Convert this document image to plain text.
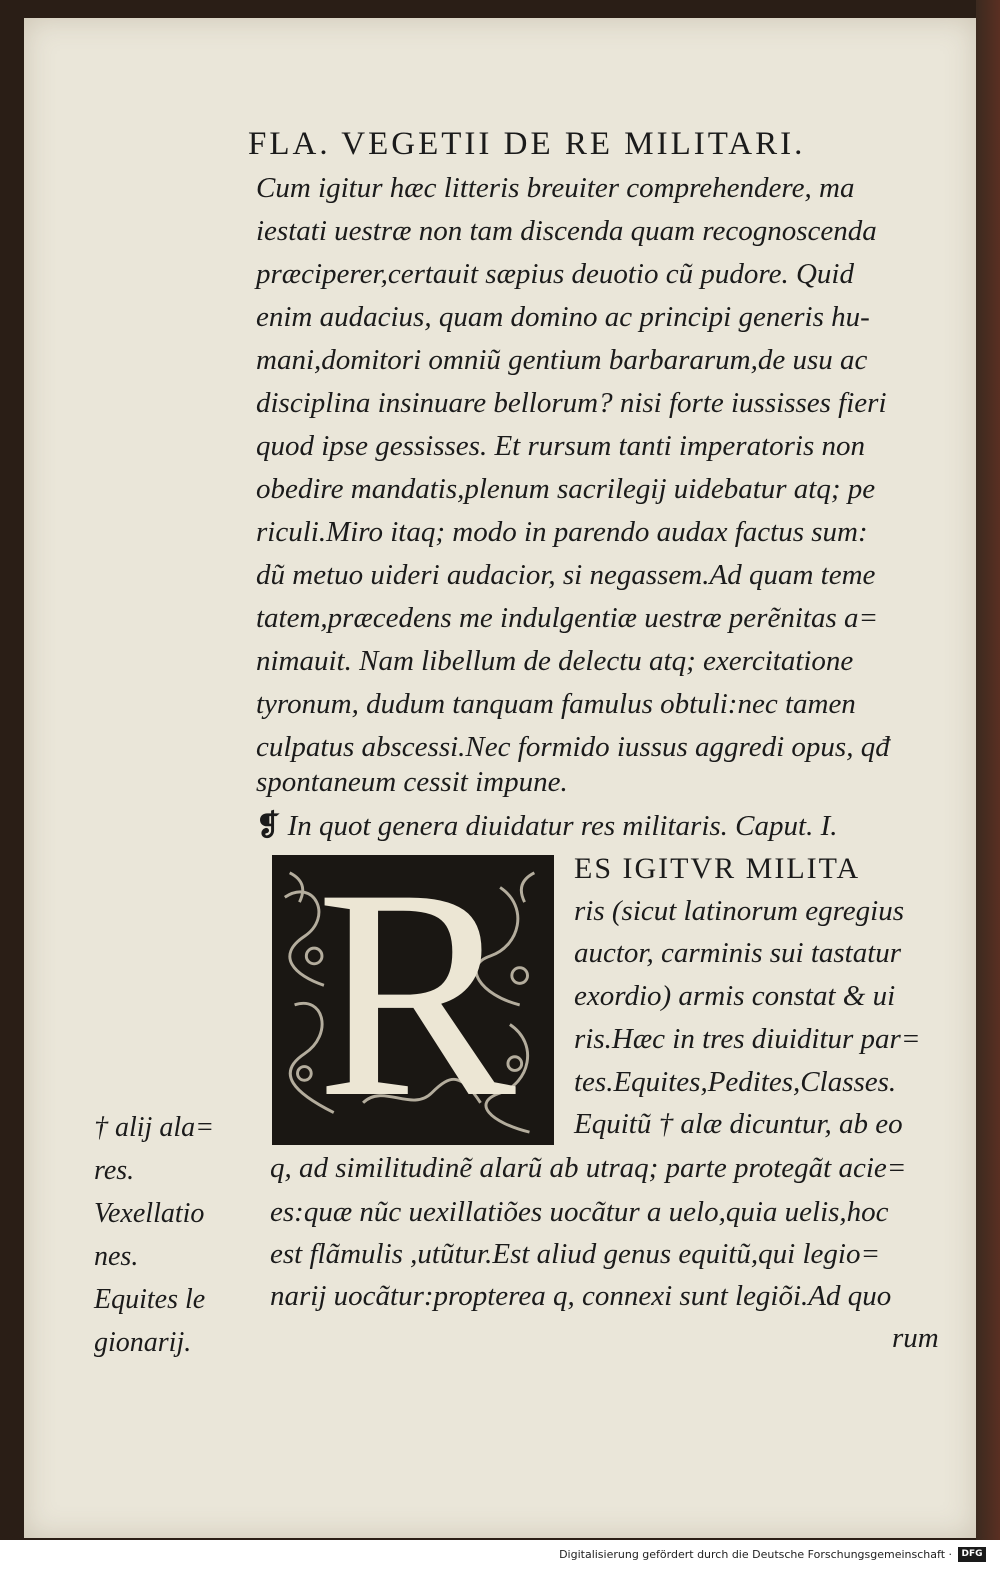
FLA. VEGETII DE RE MILITARI.
Cum igitur hæc litteris breuiter comprehendere, ma
iestati uestræ non tam discenda quam recognoscenda
præciperer,certauit sæpius deuotio cũ pudore. Quid
enim audacius, quam domino ac principi generis hu-
mani,domitori omniũ gentium barbararum,de usu ac
disciplina insinuare bellorum? nisi forte iussisses fieri
quod ipse gessisses. Et rursum tanti imperatoris non
obedire mandatis,plenum sacrilegij uidebatur atq; pe
riculi.Miro itaq; modo in parendo audax factus sum:
dũ metuo uideri audacior, si negassem.Ad quam teme
tatem,præcedens me indulgentiæ uestræ perẽnitas a=
nimauit. Nam libellum de delectu atq; exercitatione
tyronum, dudum tanquam famulus obtuli:nec tamen
culpatus abscessi.Nec formido iussus aggredi opus, qđ
spontaneum cessit impune.
❡ In quot genera diuidatur res militaris. Caput. I.
R	ES IGITVR MILITA
ris (sicut latinorum egregius
auctor, carminis sui tastatur
exordio) armis constat & ui
ris.Hæc in tres diuiditur par=
tes.Equites,Pedites,Classes.
Equitũ † alæ dicuntur, ab eo
q, ad similitudinẽ alarũ ab utraq; parte protegãt acie=
es:quæ nũc uexillatiões uocãtur a uelo,quia uelis,hoc
est flãmulis ,utũtur.Est aliud genus equitũ,qui legio=
narij uocãtur:propterea q, connexi sunt legiõi.Ad quo
rum
† alij ala=
res.
Vexellatio
nes.
Equites le
gionarij.
Digitalisierung gefördert durch die Deutsche Forschungsgemeinschaft ·	DFG
